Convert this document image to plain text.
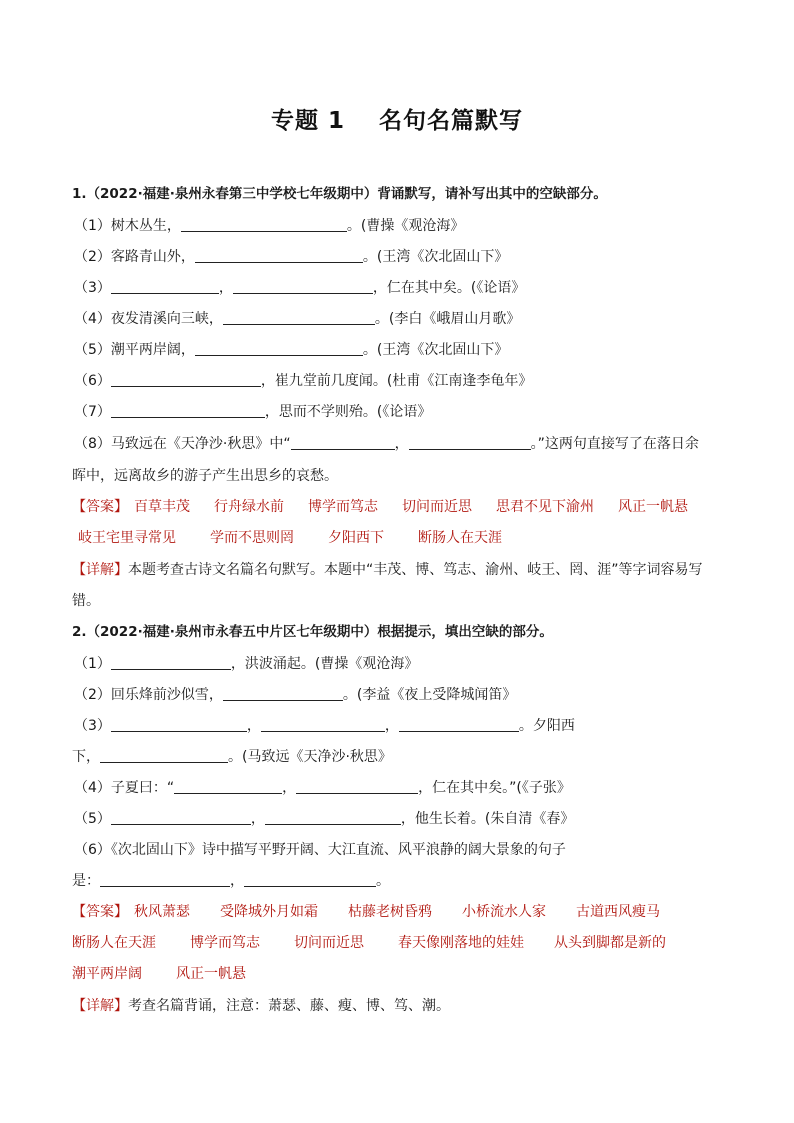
专题 1 名句名篇默写
1.（2022·福建·泉州永春第三中学校七年级期中）背诵默写，请补写出其中的空缺部分。
（1）树木丛生，	。(曹操《观沧海》
（2）客路青山外，	。(王湾《次北固山下》
（3）	，	，仁在其中矣。(《论语》
（4）夜发清溪向三峡，	。(李白《峨眉山月歌》
（5）潮平两岸阔，	。(王湾《次北固山下》
（6）	，崔九堂前几度闻。(杜甫《江南逢李龟年》
（7）	，思而不学则殆。(《论语》
（8）马致远在《天净沙·秋思》中“	，	。”这两句直接写了在落日余
晖中，远离故乡的游子产生出思乡的哀愁。
【答案】 百草丰茂 行舟绿水前 博学而笃志 切问而近思 思君不见下渝州 风正一帆悬
岐王宅里寻常见 学而不思则罔 夕阳西下 断肠人在天涯
【详解】本题考查古诗文名篇名句默写。本题中“丰茂、博、笃志、渝州、岐王、罔、涯”等字词容易写
错。
2.（2022·福建·泉州市永春五中片区七年级期中）根据提示，填出空缺的部分。
（1）	，洪波涌起。(曹操《观沧海》
（2）回乐烽前沙似雪，	。(李益《夜上受降城闻笛》
（3）	，	，	。夕阳西
下，	。(马致远《天净沙·秋思》
（4）子夏曰：“	，	，仁在其中矣。”(《子张》
（5）	，	，他生长着。(朱自清《春》
（6）《次北固山下》诗中描写平野开阔、大江直流、风平浪静的阔大景象的句子
是：	，	。
【答案】 秋风萧瑟 受降城外月如霜 枯藤老树昏鸦 小桥流水人家 古道西风瘦马
断肠人在天涯 博学而笃志 切问而近思 春天像刚落地的娃娃 从头到脚都是新的
潮平两岸阔 风正一帆悬
【详解】考查名篇背诵，注意：萧瑟、藤、瘦、博、笃、潮。
